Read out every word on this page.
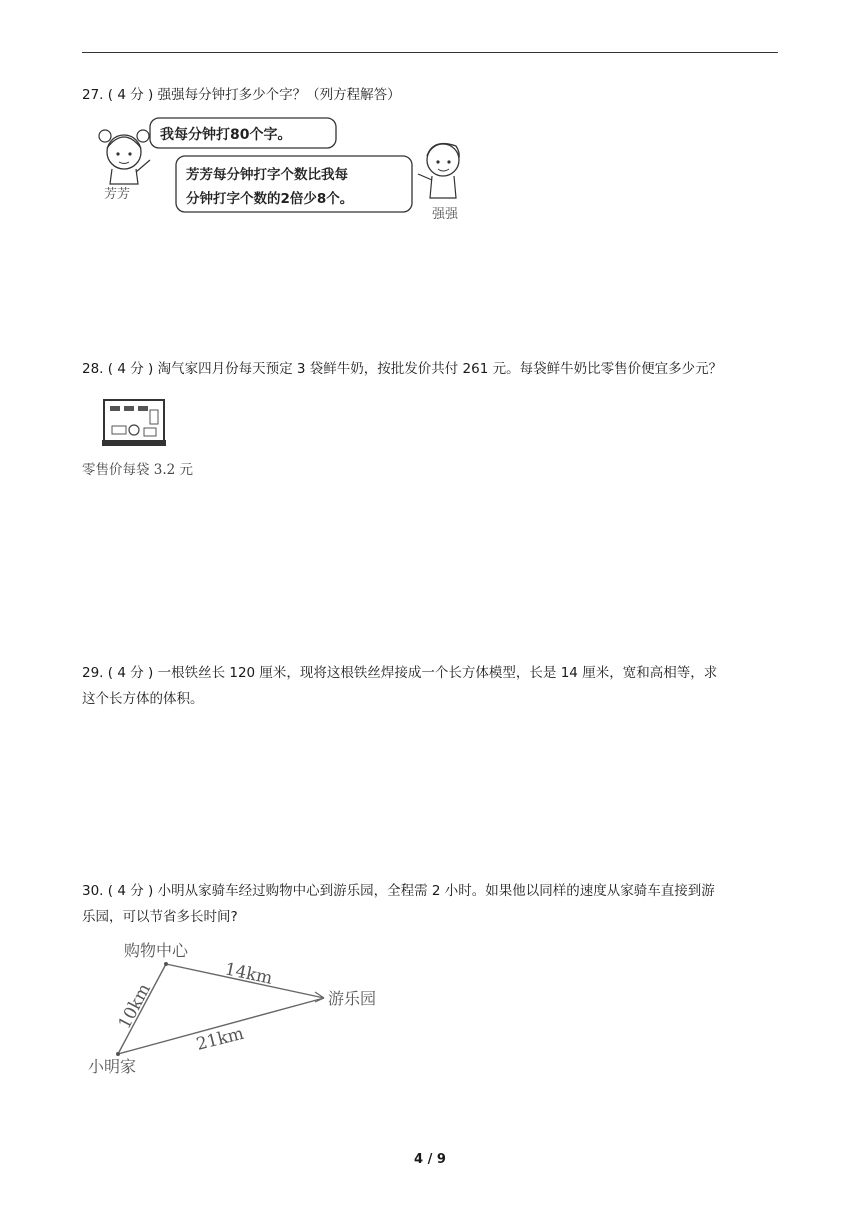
27. ( 4 分 ) 强强每分钟打多少个字？（列方程解答）
芳芳
我每分钟打80个字。
芳芳每分钟打字个数比我每
分钟打字个数的2倍少8个。
强强
28. ( 4 分 ) 淘气家四月份每天预定 3 袋鲜牛奶，按批发价共付 261 元。每袋鲜牛奶比零售价便宜多少元？
零售价每袋 3.2 元
29. ( 4 分 ) 一根铁丝长 120 厘米，现将这根铁丝焊接成一个长方体模型，长是 14 厘米，宽和高相等，求
这个长方体的体积。
30. ( 4 分 ) 小明从家骑车经过购物中心到游乐园，全程需 2 小时。如果他以同样的速度从家骑车直接到游
乐园，可以节省多长时间?
购物中心
游乐园
小明家
10km
14km
21km
4 / 9
